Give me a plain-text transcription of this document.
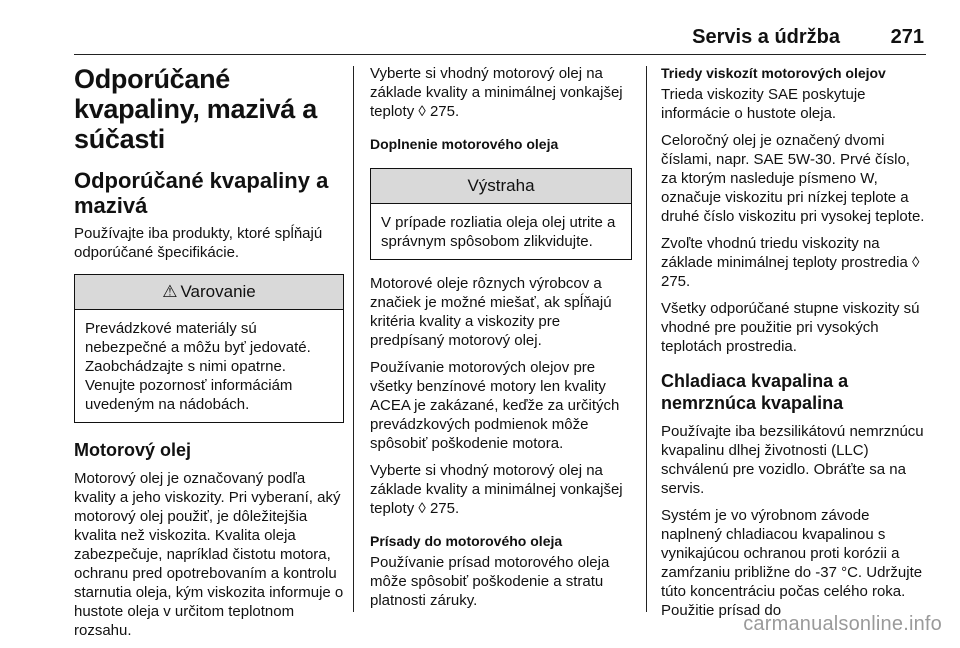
Servis a údržba	271
Odporúčané kvapaliny, mazivá a súčasti
Odporúčané kvapaliny a mazivá

Používajte iba produkty, ktoré spĺňajú odporúčané špecifikácie.

⚠ Varovanie
Prevádzkové materiály sú nebezpečné a môžu byť jedovaté. Zaobchádzajte s nimi opatrne. Venujte pozornosť informáciám uvedeným na nádobách.
Motorový olej

Motorový olej je označovaný podľa kvality a jeho viskozity. Pri vyberaní, aký motorový olej použiť, je dôležitejšia kvalita než viskozita. Kvalita oleja zabezpečuje, napríklad čistotu motora, ochranu pred opotrebovaním a kontrolu starnutia oleja, kým viskozita informuje o hustote oleja v určitom teplotnom rozsahu.

Vyberte si vhodný motorový olej na základe kvality a minimálnej vonkajšej teploty ◊ 275.

Doplnenie motorového oleja
Výstraha
V prípade rozliatia oleja olej utrite a správnym spôsobom zlikvidujte.

Motorové oleje rôznych výrobcov a značiek je možné miešať, ak spĺňajú kritéria kvality a viskozity pre predpísaný motorový olej.

Používanie motorových olejov pre všetky benzínové motory len kvality ACEA je zakázané, keďže za určitých prevádzkových podmienok môže spôsobiť poškodenie motora.

Vyberte si vhodný motorový olej na základe kvality a minimálnej vonkajšej teploty ◊ 275.

Prísady do motorového oleja

Používanie prísad motorového oleja môže spôsobiť poškodenie a stratu platnosti záruky.

Triedy viskozít motorových olejov

Trieda viskozity SAE poskytuje informácie o hustote oleja.

Celoročný olej je označený dvomi číslami, napr. SAE 5W-30. Prvé číslo, za ktorým nasleduje písmeno W, označuje viskozitu pri nízkej teplote a druhé číslo viskozitu pri vysokej teplote.

Zvoľte vhodnú triedu viskozity na základe minimálnej teploty prostredia ◊ 275.

Všetky odporúčané stupne viskozity sú vhodné pre použitie pri vysokých teplotách prostredia.

Chladiaca kvapalina a nemrznúca kvapalina

Používajte iba bezsilikátovú nemrznúcu kvapalinu dlhej životnosti (LLC) schválenú pre vozidlo. Obráťte sa na servis.

Systém je vo výrobnom závode naplnený chladiacou kvapalinou s vynikajúcou ochranou proti korózii a zamŕzaniu približne do -37 °C. Udržujte túto koncentráciu počas celého roka. Použitie prísad do

carmanualsonline.info
